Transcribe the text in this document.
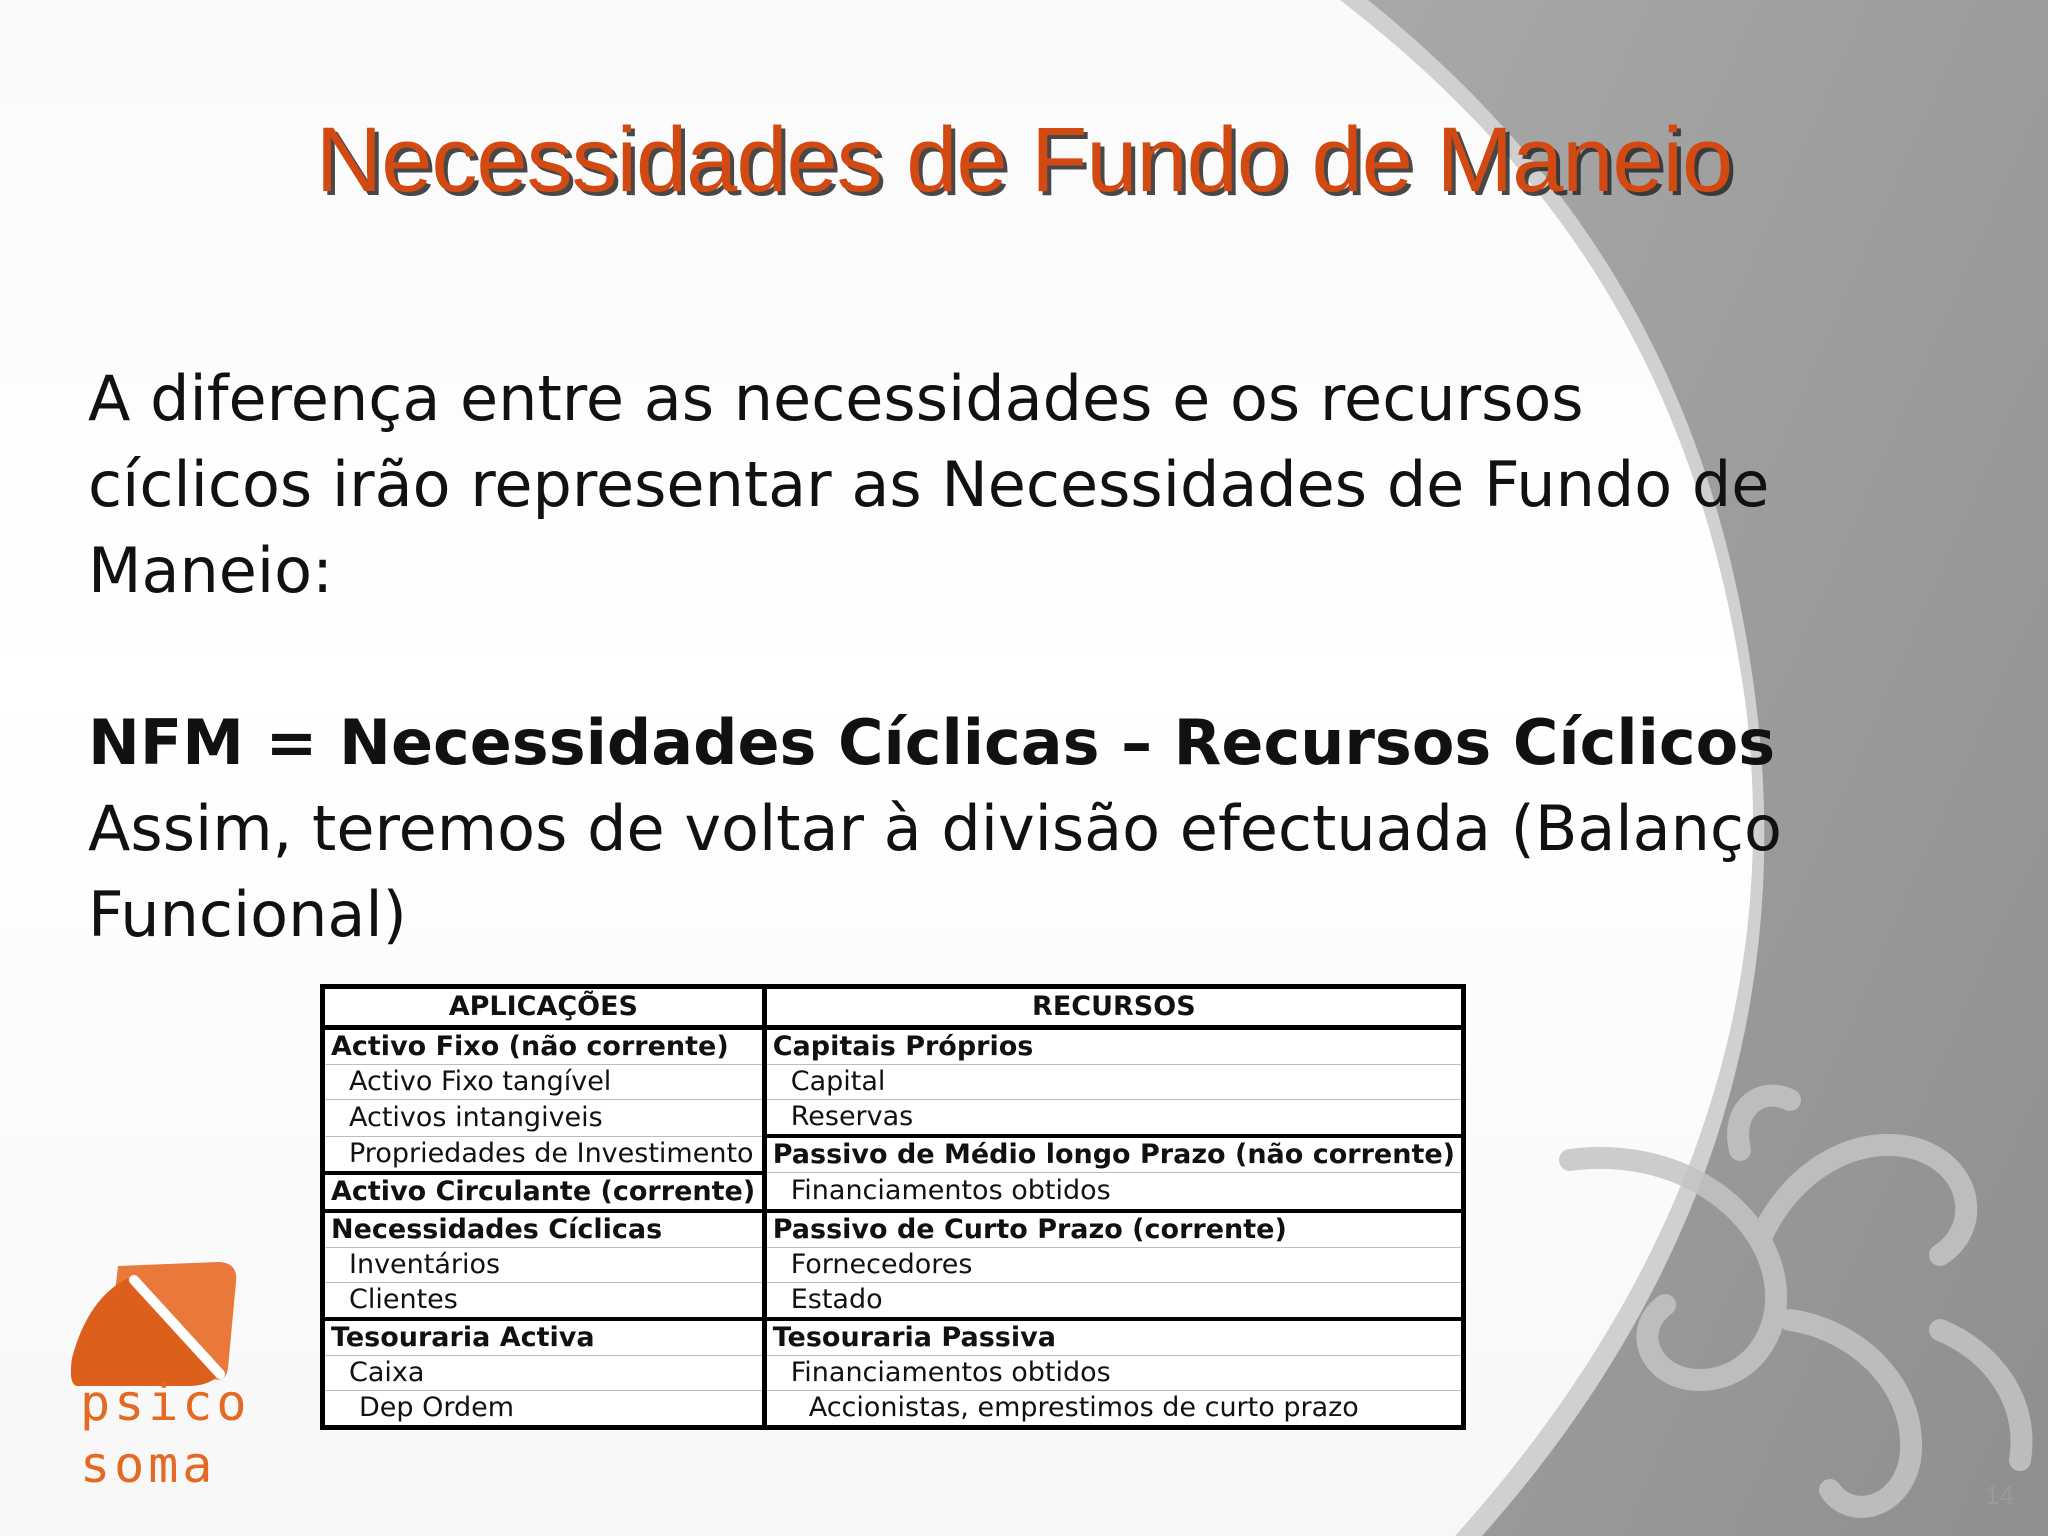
Necessidades de Fundo de Maneio

A diferença entre as necessidades e os recursos cíclicos irão representar as Necessidades de Fundo de Maneio:

NFM = Necessidades Cíclicas – Recursos Cíclicos

Assim, teremos de voltar à divisão efectuada (Balanço Funcional)

APLICAÇÕES	RECURSOS
Activo Fixo (não corrente)	Capitais Próprios
Activo Fixo tangível	Capital
Activos intangiveis	Reservas
Propriedades de Investimento	Passivo de Médio longo Prazo (não corrente)
Activo Circulante (corrente)	Financiamentos obtidos
Necessidades Cíclicas	Passivo de Curto Prazo (corrente)
Inventários	Fornecedores
Clientes	Estado
Tesouraria Activa	Tesouraria Passiva
Caixa	Financiamentos obtidos
Dep Ordem	Accionistas, emprestimos de curto prazo
psico
soma
14
